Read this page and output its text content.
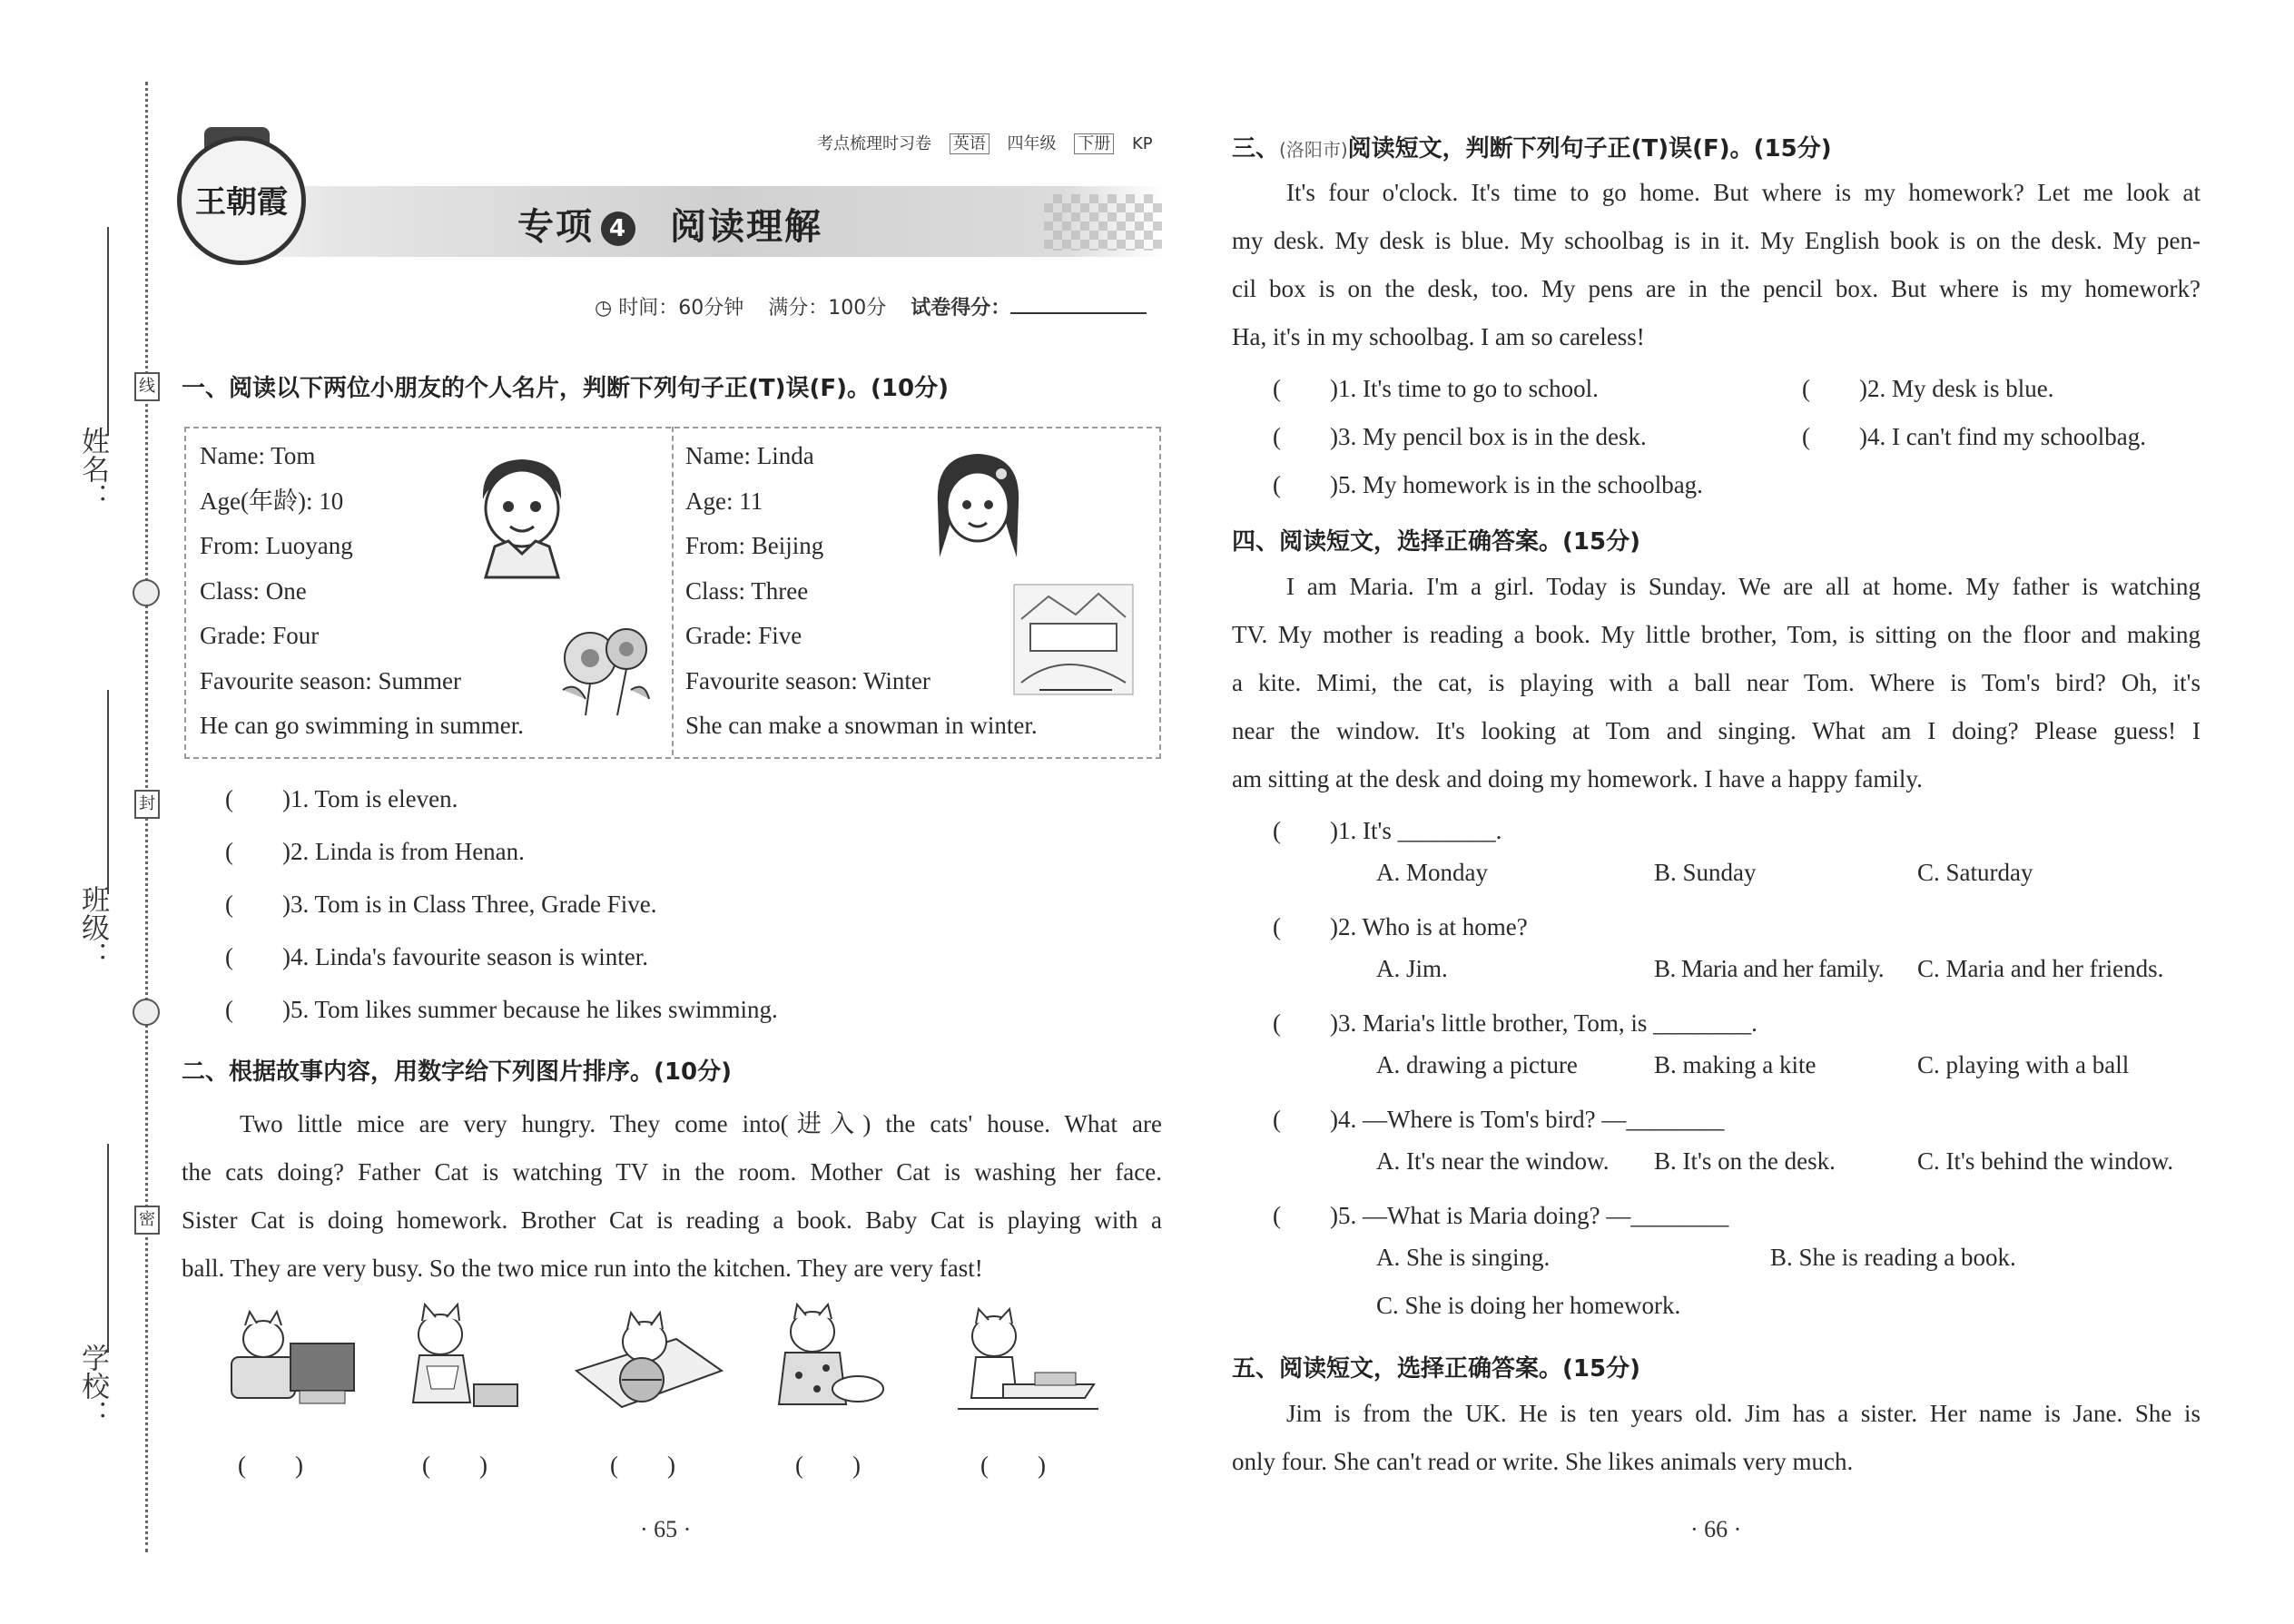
姓名：
班级：
学校：
线
封
密
王朝霞
考点梳理时习卷 英语 四年级 下册 KP
专项 4 阅读理解
◷ 时间：60分钟 满分：100分 试卷得分：
一、阅读以下两位小朋友的个人名片，判断下列句子正(T)误(F)。(10分)
Name: Tom
Age(年龄): 10
From: Luoyang
Class: One
Grade: Four
Favourite season: Summer
He can go swimming in summer.
Name: Linda
Age: 11
From: Beijing
Class: Three
Grade: Five
Favourite season: Winter
She can make a snowman in winter.
(　　)1. Tom is eleven.
(　　)2. Linda is from Henan.
(　　)3. Tom is in Class Three, Grade Five.
(　　)4. Linda's favourite season is winter.
(　　)5. Tom likes summer because he likes swimming.
二、根据故事内容，用数字给下列图片排序。(10分)
Two little mice are very hungry. They come into(进入) the cats' house. What are
the cats doing? Father Cat is watching TV in the room. Mother Cat is washing her face.
Sister Cat is doing homework. Brother Cat is reading a book. Baby Cat is playing with a
ball. They are very busy. So the two mice run into the kitchen. They are very fast!
(　　)	(　　)	(　　)	(　　)	(　　)
· 65 ·
三、(洛阳市)阅读短文，判断下列句子正(T)误(F)。(15分)
It's four o'clock. It's time to go home. But where is my homework? Let me look at
my desk. My desk is blue. My schoolbag is in it. My English book is on the desk. My pen-
cil box is on the desk, too. My pens are in the pencil box. But where is my homework?
Ha, it's in my schoolbag. I am so careless!
(　　)1. It's time to go to school.	(　　)2. My desk is blue.
(　　)3. My pencil box is in the desk.	(　　)4. I can't find my schoolbag.
(　　)5. My homework is in the schoolbag.
四、阅读短文，选择正确答案。(15分)
I am Maria. I'm a girl. Today is Sunday. We are all at home. My father is watching
TV. My mother is reading a book. My little brother, Tom, is sitting on the floor and making
a kite. Mimi, the cat, is playing with a ball near Tom. Where is Tom's bird? Oh, it's
near the window. It's looking at Tom and singing. What am I doing? Please guess! I
am sitting at the desk and doing my homework. I have a happy family.
(　　)1. It's ________.
A. Monday	B. Sunday	C. Saturday
(　　)2. Who is at home?
A. Jim.	B. Maria and her family. C. Maria and her friends.
(　　)3. Maria's little brother, Tom, is ________.
A. drawing a picture	B. making a kite	C. playing with a ball
(　　)4. —Where is Tom's bird? —________
A. It's near the window. B. It's on the desk.	C. It's behind the window.
(　　)5. —What is Maria doing? —________
A. She is singing.	B. She is reading a book.
C. She is doing her homework.
五、阅读短文，选择正确答案。(15分)
Jim is from the UK. He is ten years old. Jim has a sister. Her name is Jane. She is
only four. She can't read or write. She likes animals very much.
· 66 ·
